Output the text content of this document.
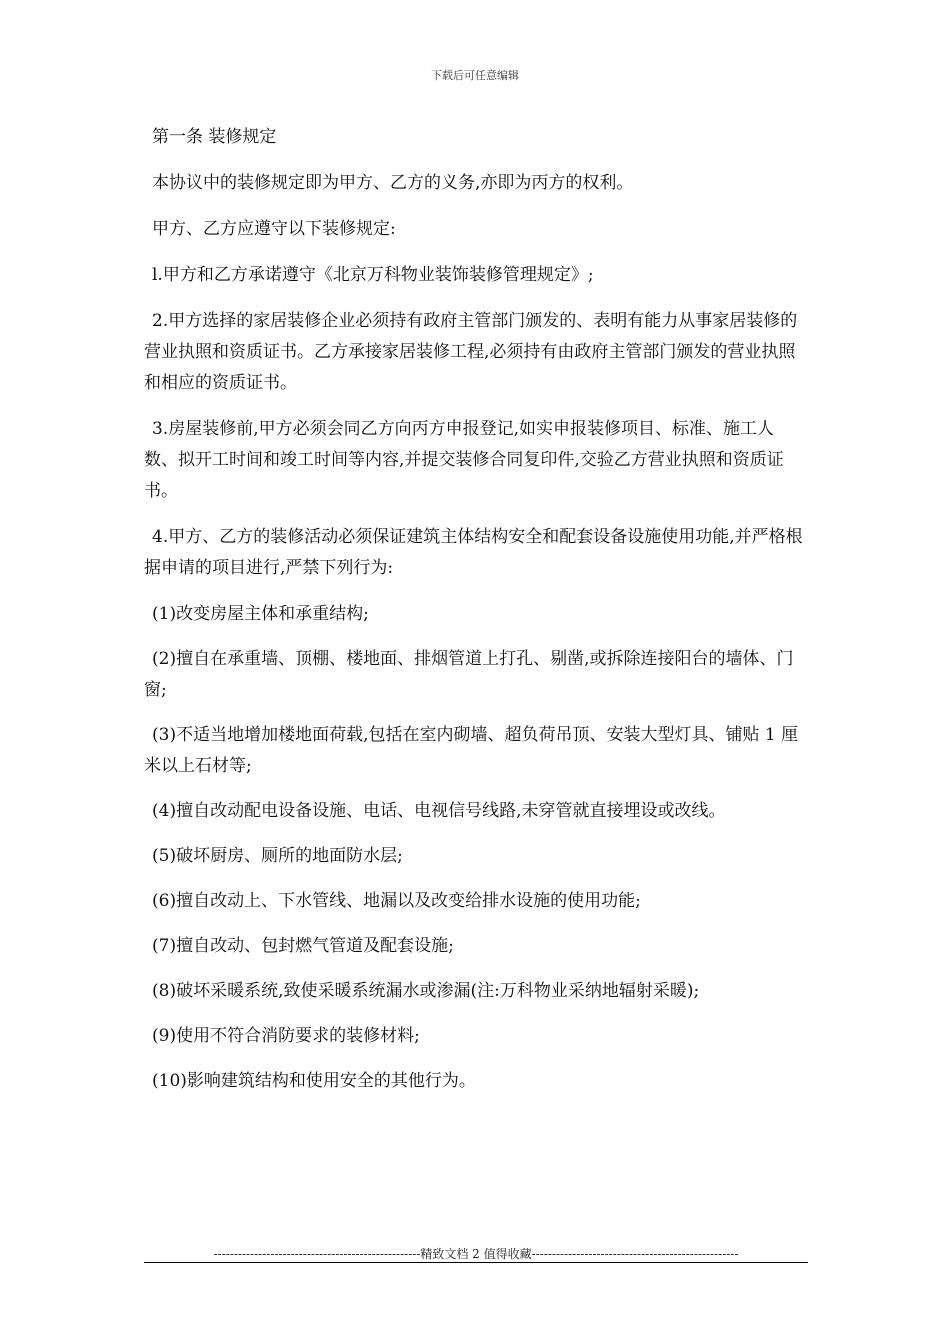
下载后可任意编辑

第一条 装修规定

本协议中的装修规定即为甲方、乙方的义务,亦即为丙方的权利。

甲方、乙方应遵守以下装修规定:

l.甲方和乙方承诺遵守《北京万科物业装饰装修管理规定》;

2.甲方选择的家居装修企业必须持有政府主管部门颁发的、表明有能力从事家居装修的营业执照和资质证书。乙方承接家居装修工程,必须持有由政府主管部门颁发的营业执照和相应的资质证书。

3.房屋装修前,甲方必须会同乙方向丙方申报登记,如实申报装修项目、标准、施工人数、拟开工时间和竣工时间等内容,并提交装修合同复印件,交验乙方营业执照和资质证书。

4.甲方、乙方的装修活动必须保证建筑主体结构安全和配套设备设施使用功能,并严格根据申请的项目进行,严禁下列行为:

(1)改变房屋主体和承重结构;

(2)擅自在承重墙、顶棚、楼地面、排烟管道上打孔、剔凿,或拆除连接阳台的墙体、门窗;

(3)不适当地增加楼地面荷载,包括在室内砌墙、超负荷吊顶、安装大型灯具、铺贴 1 厘米以上石材等;

(4)擅自改动配电设备设施、电话、电视信号线路,未穿管就直接埋设或改线。

(5)破坏厨房、厕所的地面防水层;

(6)擅自改动上、下水管线、地漏以及改变给排水设施的使用功能;

(7)擅自改动、包封燃气管道及配套设施;

(8)破坏采暖系统,致使采暖系统漏水或渗漏(注:万科物业采纳地辐射采暖);

(9)使用不符合消防要求的装修材料;

(10)影响建筑结构和使用安全的其他行为。

---------------------------------------------------精致文档 2 值得收藏---------------------------------------------------
